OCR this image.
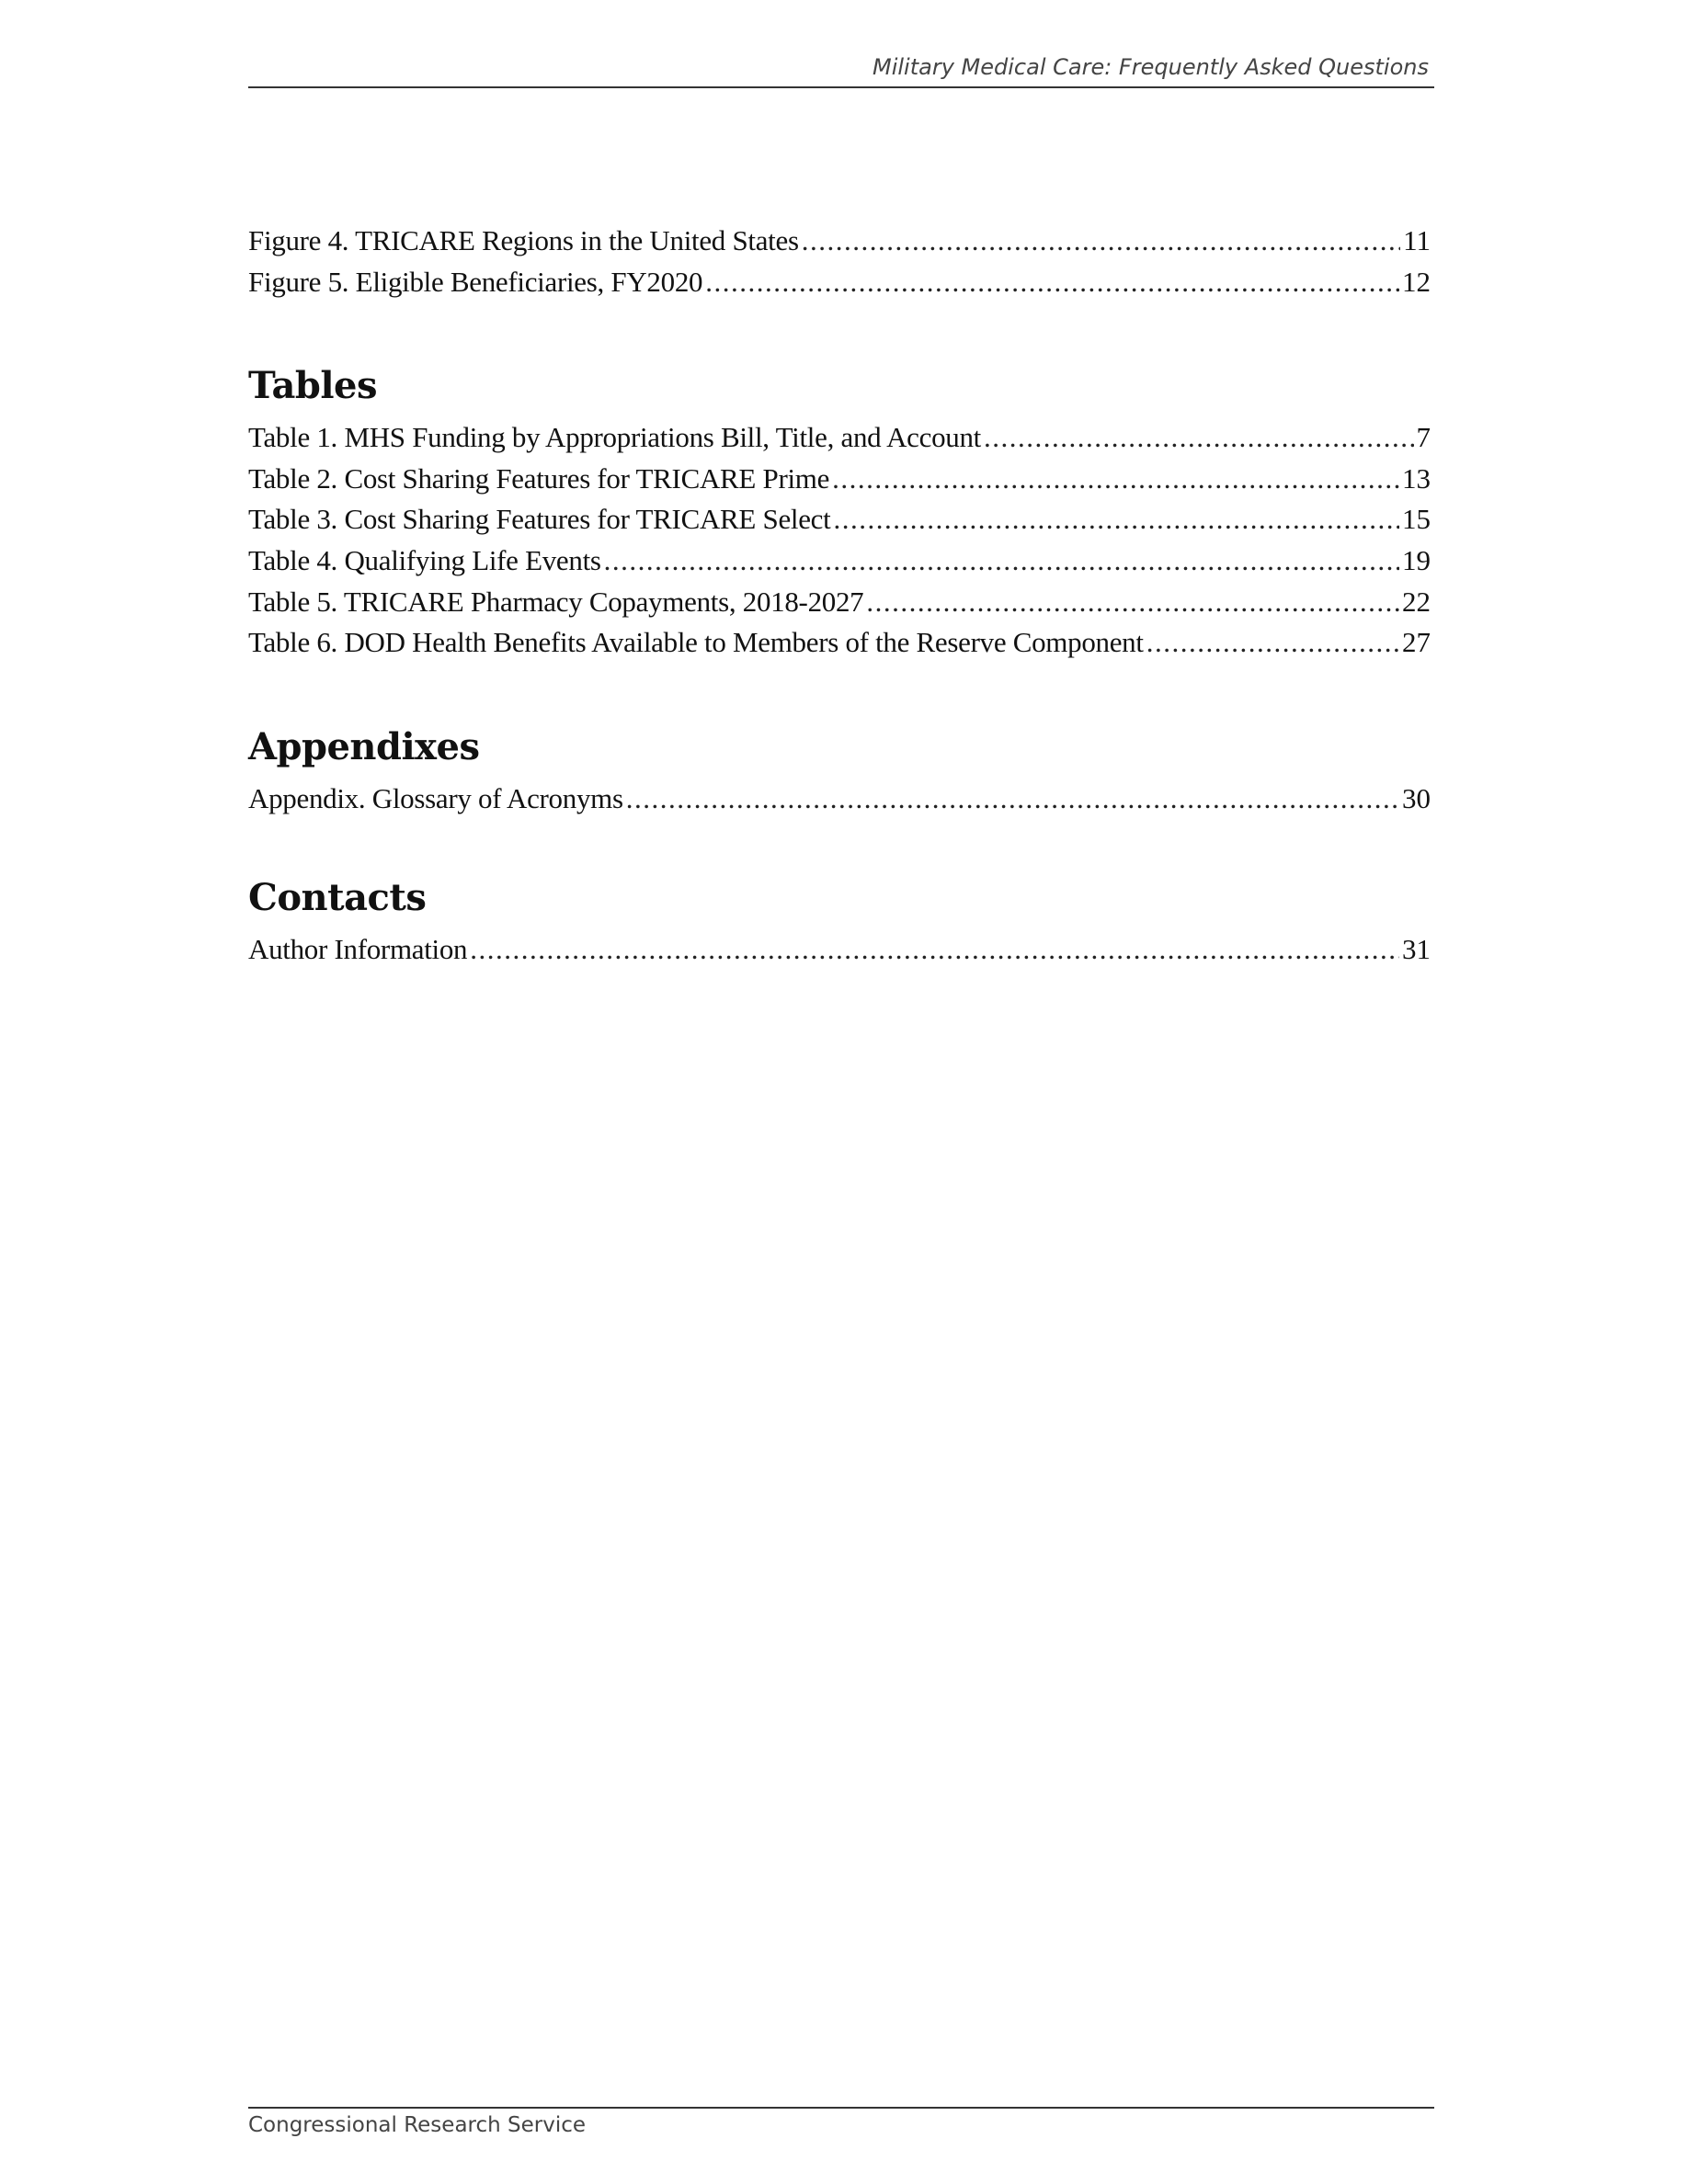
Military Medical Care: Frequently Asked Questions
Figure 4. TRICARE Regions in the United States .....	11
Figure 5. Eligible Beneficiaries, FY2020 .....	12
Tables
Table 1. MHS Funding by Appropriations Bill, Title, and Account .....	7
Table 2. Cost Sharing Features for TRICARE Prime .....	13
Table 3. Cost Sharing Features for TRICARE Select .....	15
Table 4. Qualifying Life Events .....	19
Table 5. TRICARE Pharmacy Copayments, 2018-2027 .....	22
Table 6. DOD Health Benefits Available to Members of the Reserve Component .....	27
Appendixes
Appendix. Glossary of Acronyms .....	30
Contacts
Author Information .....	31
Congressional Research Service
